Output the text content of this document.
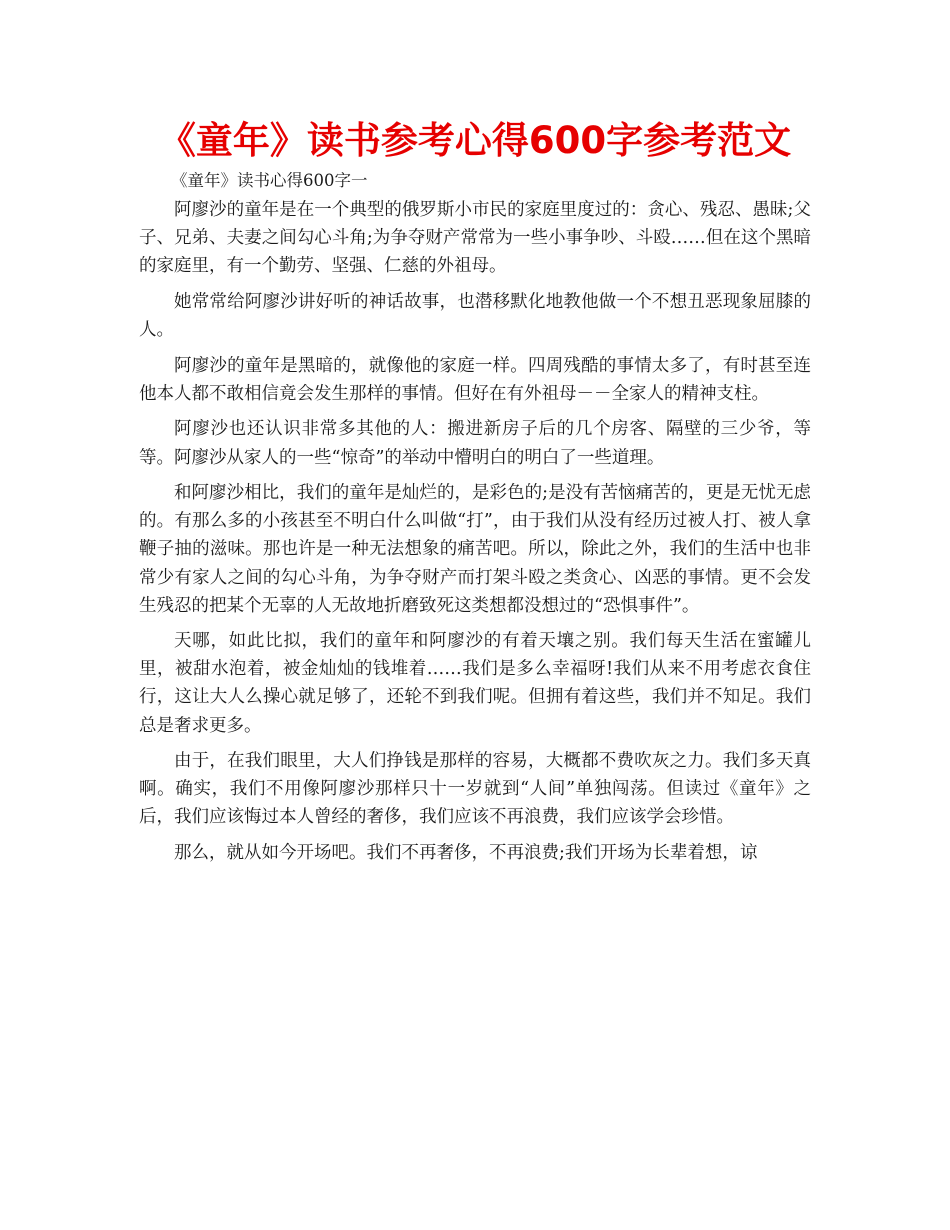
《童年》读书参考心得600字参考范文
《童年》读书心得600字一

阿廖沙的童年是在一个典型的俄罗斯小市民的家庭里度过的：贪心、残忍、愚昧;父子、兄弟、夫妻之间勾心斗角;为争夺财产常常为一些小事争吵、斗殴……但在这个黑暗的家庭里，有一个勤劳、坚强、仁慈的外祖母。

她常常给阿廖沙讲好听的神话故事，也潜移默化地教他做一个不想丑恶现象屈膝的人。

阿廖沙的童年是黑暗的，就像他的家庭一样。四周残酷的事情太多了，有时甚至连他本人都不敢相信竟会发生那样的事情。但好在有外祖母－－全家人的精神支柱。

阿廖沙也还认识非常多其他的人：搬进新房子后的几个房客、隔壁的三少爷，等等。阿廖沙从家人的一些“惊奇”的举动中懵明白的明白了一些道理。

和阿廖沙相比，我们的童年是灿烂的，是彩色的;是没有苦恼痛苦的，更是无忧无虑的。有那么多的小孩甚至不明白什么叫做“打”，由于我们从没有经历过被人打、被人拿鞭子抽的滋味。那也许是一种无法想象的痛苦吧。所以，除此之外，我们的生活中也非常少有家人之间的勾心斗角，为争夺财产而打架斗殴之类贪心、凶恶的事情。更不会发生残忍的把某个无辜的人无故地折磨致死这类想都没想过的“恐惧事件”。

天哪，如此比拟，我们的童年和阿廖沙的有着天壤之别。我们每天生活在蜜罐儿里，被甜水泡着，被金灿灿的钱堆着……我们是多么幸福呀!我们从来不用考虑衣食住行，这让大人么操心就足够了，还轮不到我们呢。但拥有着这些，我们并不知足。我们总是奢求更多。

由于，在我们眼里，大人们挣钱是那样的容易，大概都不费吹灰之力。我们多天真啊。确实，我们不用像阿廖沙那样只十一岁就到“人间”单独闯荡。但读过《童年》之后，我们应该悔过本人曾经的奢侈，我们应该不再浪费，我们应该学会珍惜。

那么，就从如今开场吧。我们不再奢侈，不再浪费;我们开场为长辈着想，谅
